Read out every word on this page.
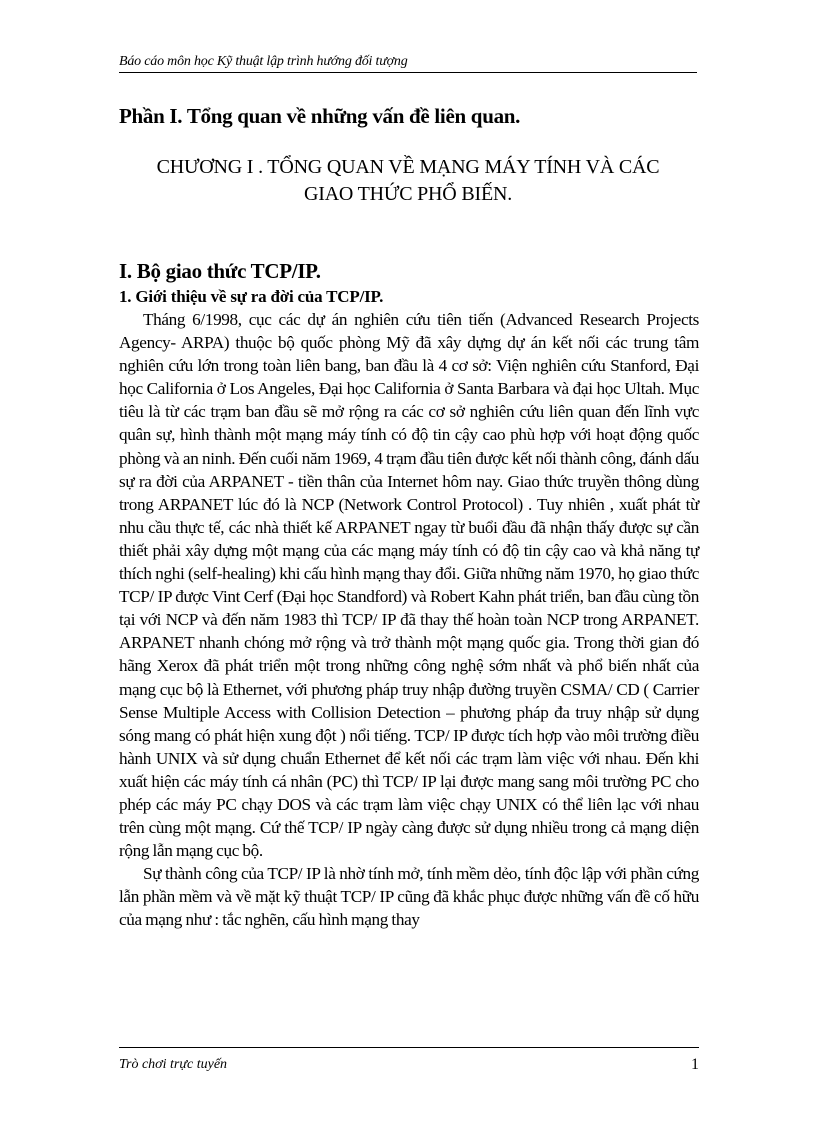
Báo cáo môn học Kỹ thuật lập trình hướng đối tượng
Phần I. Tổng quan về những vấn đề liên quan.
CHƯƠNG I . TỔNG QUAN VỀ MẠNG MÁY TÍNH VÀ CÁC
GIAO THỨC PHỔ BIẾN.
I. Bộ giao thức TCP/IP.
1. Giới thiệu về sự ra đời của TCP/IP.

Tháng 6/1998, cục các dự án nghiên cứu tiên tiến (Advanced Research Projects Agency- ARPA) thuộc bộ quốc phòng Mỹ đã xây dựng dự án kết nối các trung tâm nghiên cứu lớn trong toàn liên bang, ban đầu là 4 cơ sở: Viện nghiên cứu Stanford, Đại học California ở Los Angeles, Đại học California ở Santa Barbara và đại học Ultah. Mục tiêu là từ các trạm ban đầu sẽ mở rộng ra các cơ sở nghiên cứu liên quan đến lĩnh vực quân sự, hình thành một mạng máy tính có độ tin cậy cao phù hợp với hoạt động quốc phòng và an ninh. Đến cuối năm 1969, 4 trạm đầu tiên được kết nối thành công, đánh dấu sự ra đời của ARPANET - tiền thân của Internet hôm nay. Giao thức truyền thông dùng trong ARPANET lúc đó là NCP (Network Control Protocol) . Tuy nhiên , xuất phát từ nhu cầu thực tế, các nhà thiết kế ARPANET ngay từ buổi đầu đã nhận thấy được sự cần thiết phải xây dựng một mạng của các mạng máy tính có độ tin cậy cao và khả năng tự thích nghi (self-healing) khi cấu hình mạng thay đổi. Giữa những năm 1970, họ giao thức TCP/ IP được Vint Cerf (Đại học Standford) và Robert Kahn phát triển, ban đầu cùng tồn tại với NCP và đến năm 1983 thì TCP/ IP đã thay thế hoàn toàn NCP trong ARPANET. ARPANET nhanh chóng mở rộng và trở thành một mạng quốc gia. Trong thời gian đó hãng Xerox đã phát triển một trong những công nghệ sớm nhất và phổ biến nhất của mạng cục bộ là Ethernet, với phương pháp truy nhập đường truyền CSMA/ CD ( Carrier Sense Multiple Access with Collision Detection – phương pháp đa truy nhập sử dụng sóng mang có phát hiện xung đột ) nổi tiếng. TCP/ IP được tích hợp vào môi trường điều hành UNIX và sử dụng chuẩn Ethernet để kết nối các trạm làm việc với nhau. Đến khi xuất hiện các máy tính cá nhân (PC) thì TCP/ IP lại được mang sang môi trường PC cho phép các máy PC chạy DOS và các trạm làm việc chạy UNIX có thể liên lạc với nhau trên cùng một mạng. Cứ thế TCP/ IP ngày càng được sử dụng nhiều trong cả mạng diện rộng lẫn mạng cục bộ.

Sự thành công của TCP/ IP là nhờ tính mở, tính mềm dẻo, tính độc lập với phần cứng lẫn phần mềm và về mặt kỹ thuật TCP/ IP cũng đã khắc phục được những vấn đề cố hữu của mạng như : tắc nghẽn, cấu hình mạng thay

Trò chơi trực tuyến	1
